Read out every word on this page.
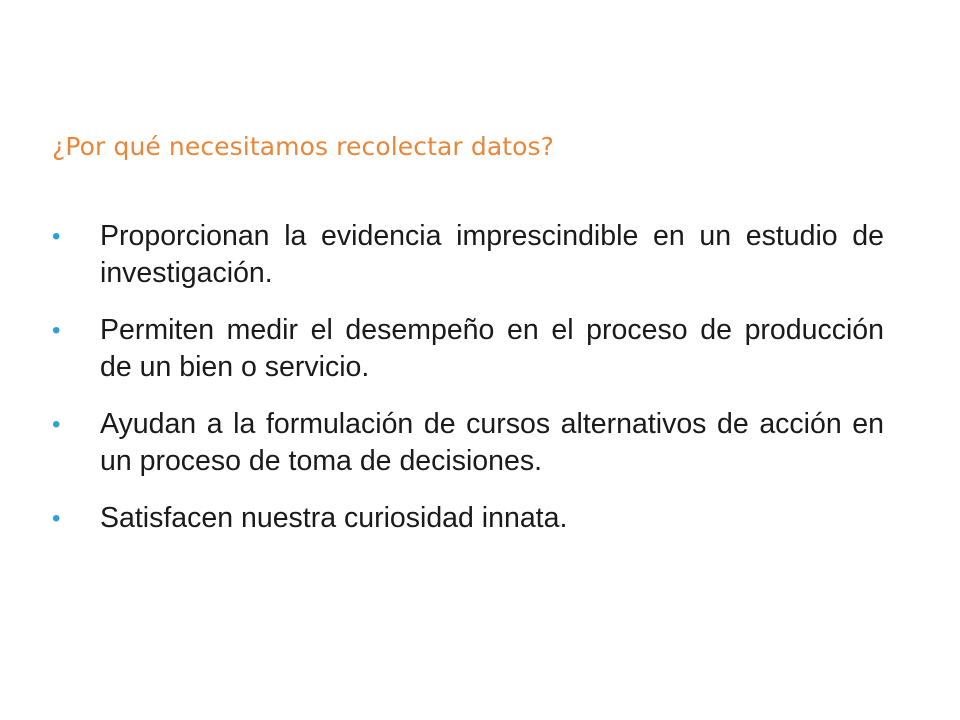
¿Por qué necesitamos recolectar datos?
•	Proporcionan la evidencia imprescindible en un estudio de investigación.
•	Permiten medir el desempeño en el proceso de producción de un bien o servicio.
•	Ayudan a la formulación de cursos alternativos de acción en un proceso de toma de decisiones.
•	Satisfacen nuestra curiosidad innata.
